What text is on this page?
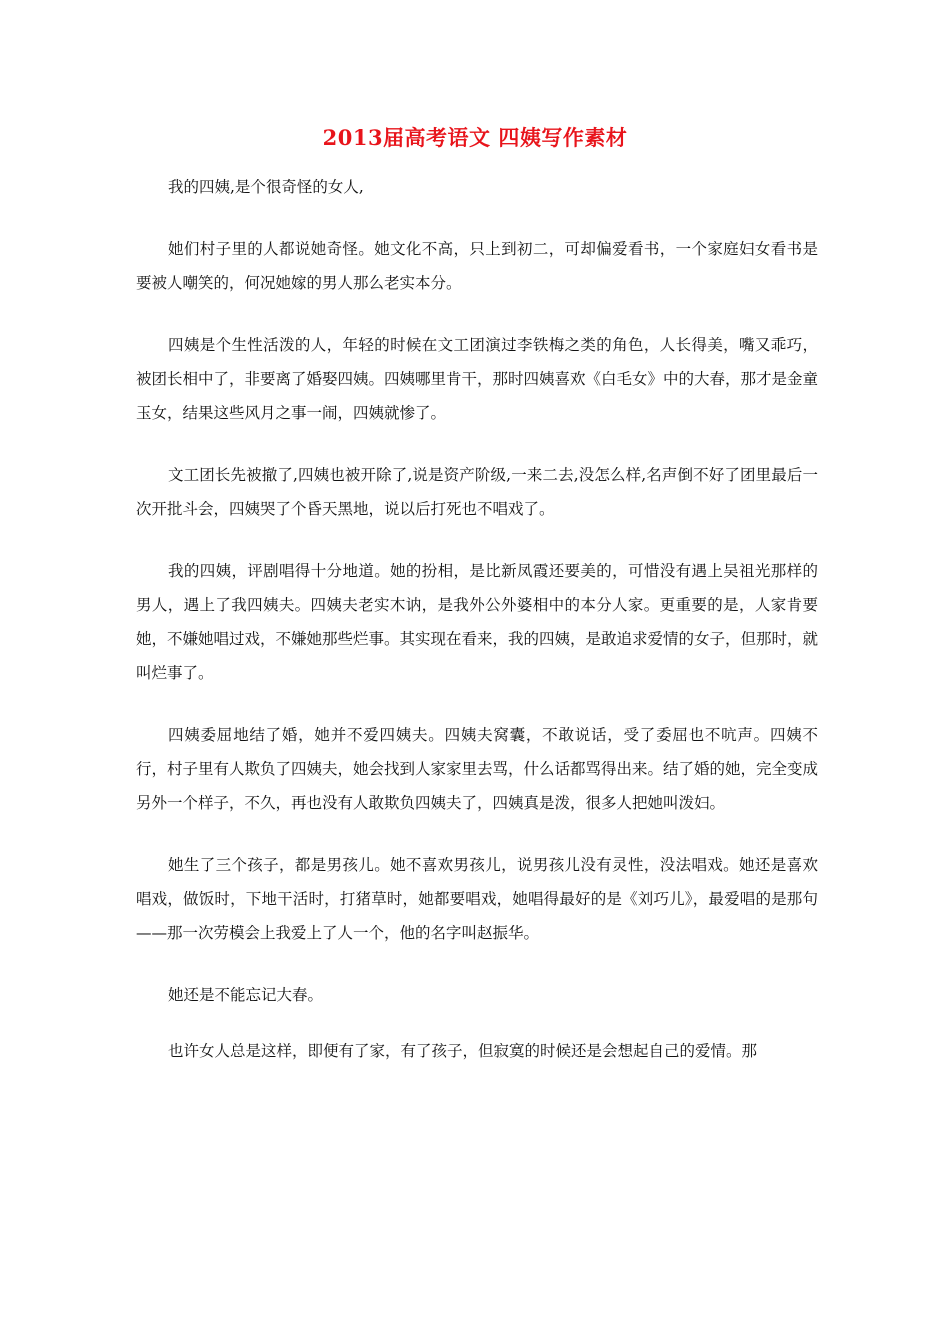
2013届高考语文 四姨写作素材

我的四姨,是个很奇怪的女人,

她们村子里的人都说她奇怪。她文化不高，只上到初二，可却偏爱看书，一个家庭妇女看书是要被人嘲笑的，何况她嫁的男人那么老实本分。

四姨是个生性活泼的人，年轻的时候在文工团演过李铁梅之类的角色，人长得美，嘴又乖巧，被团长相中了，非要离了婚娶四姨。四姨哪里肯干，那时四姨喜欢《白毛女》中的大春，那才是金童玉女，结果这些风月之事一闹，四姨就惨了。

文工团长先被撤了,四姨也被开除了,说是资产阶级,一来二去,没怎么样,名声倒不好了团里最后一次开批斗会，四姨哭了个昏天黑地，说以后打死也不唱戏了。

我的四姨，评剧唱得十分地道。她的扮相，是比新凤霞还要美的，可惜没有遇上吴祖光那样的男人，遇上了我四姨夫。四姨夫老实木讷，是我外公外婆相中的本分人家。更重要的是，人家肯要她，不嫌她唱过戏，不嫌她那些烂事。其实现在看来，我的四姨，是敢追求爱情的女子，但那时，就叫烂事了。

四姨委屈地结了婚，她并不爱四姨夫。四姨夫窝囊，不敢说话，受了委屈也不吭声。四姨不行，村子里有人欺负了四姨夫，她会找到人家家里去骂，什么话都骂得出来。结了婚的她，完全变成另外一个样子，不久，再也没有人敢欺负四姨夫了，四姨真是泼，很多人把她叫泼妇。

她生了三个孩子，都是男孩儿。她不喜欢男孩儿，说男孩儿没有灵性，没法唱戏。她还是喜欢唱戏，做饭时，下地干活时，打猪草时，她都要唱戏，她唱得最好的是《刘巧儿》，最爱唱的是那句——那一次劳模会上我爱上了人一个，他的名字叫赵振华。

她还是不能忘记大春。

也许女人总是这样，即便有了家，有了孩子，但寂寞的时候还是会想起自己的爱情。那
